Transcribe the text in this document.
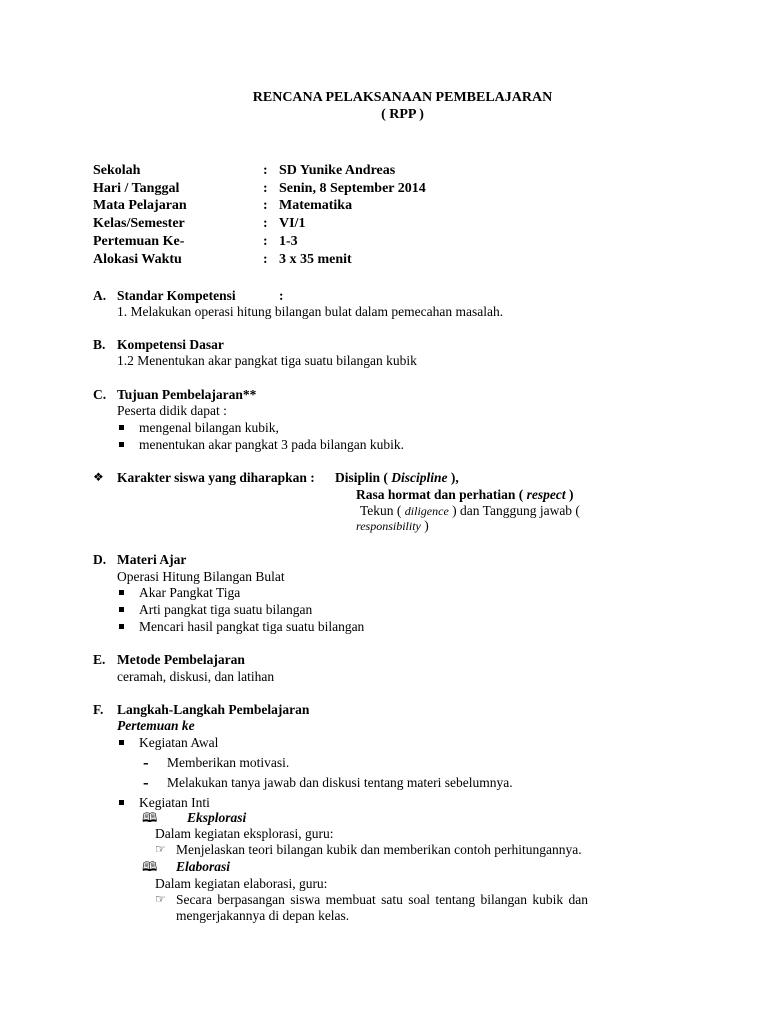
RENCANA PELAKSANAAN PEMBELAJARAN
( RPP )
Sekolah	: SD Yunike Andreas
Hari / Tanggal	: Senin, 8 September 2014
Mata Pelajaran	: Matematika
Kelas/Semester	: VI/1
Pertemuan Ke-	: 1-3
Alokasi Waktu	: 3 x 35 menit
A. Standar Kompetensi	:
1. Melakukan operasi hitung bilangan bulat dalam pemecahan masalah.
B. Kompetensi Dasar
1.2 Menentukan akar pangkat tiga suatu bilangan kubik
C. Tujuan Pembelajaran**
Peserta didik dapat :
mengenal bilangan kubik,
menentukan akar pangkat 3 pada bilangan kubik.
❖ Karakter siswa yang diharapkan : Disiplin ( Discipline ),
Rasa hormat dan perhatian ( respect )
Tekun ( diligence ) dan Tanggung jawab (
responsibility )
D. Materi Ajar
Operasi Hitung Bilangan Bulat
Akar Pangkat Tiga
Arti pangkat tiga suatu bilangan
Mencari hasil pangkat tiga suatu bilangan
E. Metode Pembelajaran
ceramah, diskusi, dan latihan
F. Langkah-Langkah Pembelajaran
Pertemuan ke
Kegiatan Awal
- Memberikan motivasi.
- Melakukan tanya jawab dan diskusi tentang materi sebelumnya.
Kegiatan Inti
🕮 Eksplorasi
Dalam kegiatan eksplorasi, guru:
☞ Menjelaskan teori bilangan kubik dan memberikan contoh perhitungannya.
🕮 Elaborasi
Dalam kegiatan elaborasi, guru:
☞ Secara berpasangan siswa membuat satu soal tentang bilangan kubik dan
mengerjakannya di depan kelas.
